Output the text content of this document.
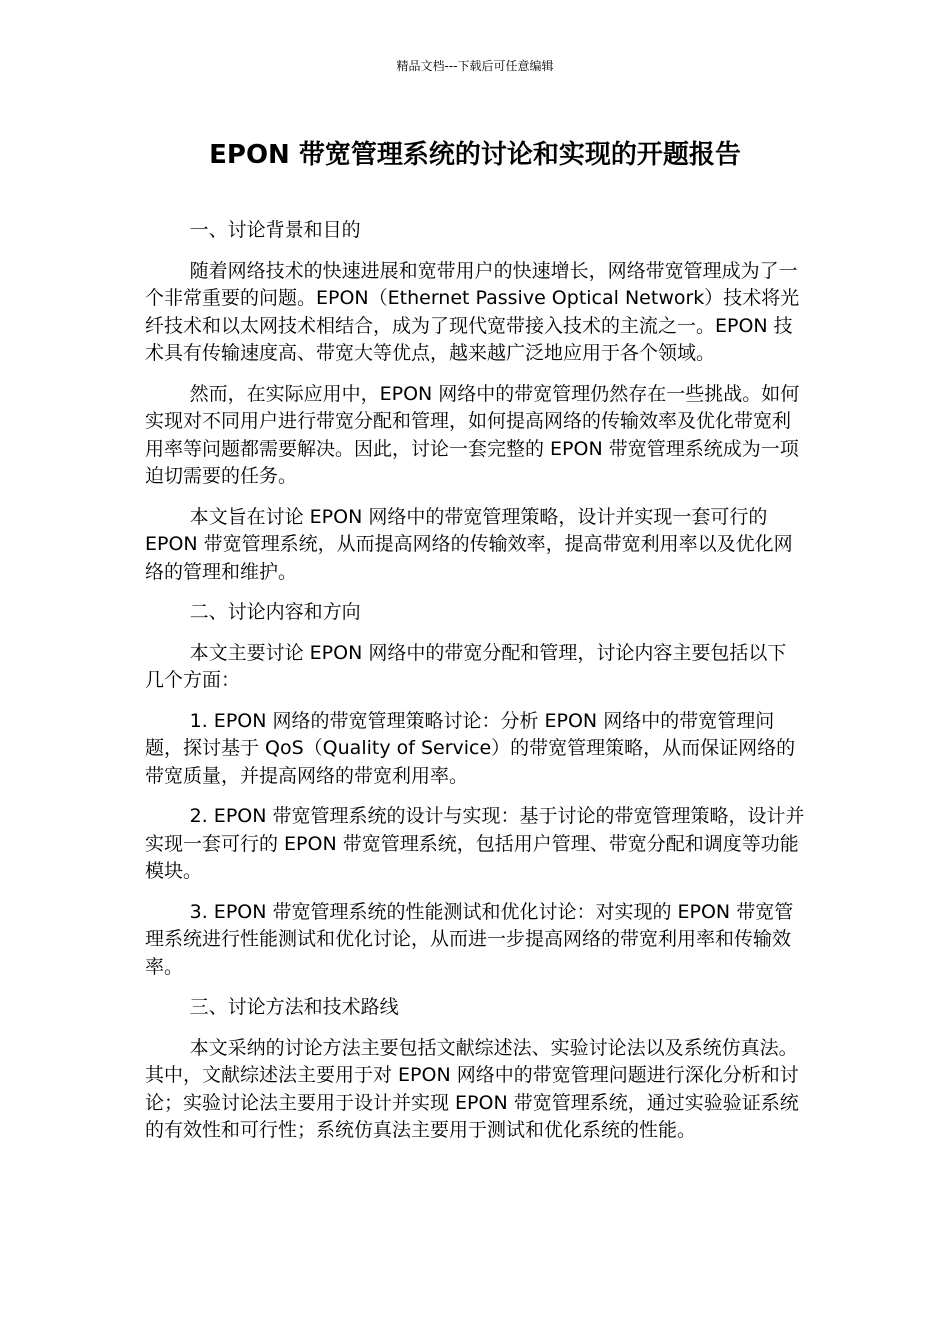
精品文档---下载后可任意编辑
EPON 带宽管理系统的讨论和实现的开题报告

一、讨论背景和目的

随着网络技术的快速进展和宽带用户的快速增长，网络带宽管理成为了一个非常重要的问题。EPON（Ethernet Passive Optical Network）技术将光纤技术和以太网技术相结合，成为了现代宽带接入技术的主流之一。EPON 技术具有传输速度高、带宽大等优点，越来越广泛地应用于各个领域。

然而，在实际应用中，EPON 网络中的带宽管理仍然存在一些挑战。如何实现对不同用户进行带宽分配和管理，如何提高网络的传输效率及优化带宽利用率等问题都需要解决。因此，讨论一套完整的 EPON 带宽管理系统成为一项迫切需要的任务。

本文旨在讨论 EPON 网络中的带宽管理策略，设计并实现一套可行的 EPON 带宽管理系统，从而提高网络的传输效率，提高带宽利用率以及优化网络的管理和维护。

二、讨论内容和方向

本文主要讨论 EPON 网络中的带宽分配和管理，讨论内容主要包括以下几个方面：

1. EPON 网络的带宽管理策略讨论：分析 EPON 网络中的带宽管理问题，探讨基于 QoS（Quality of Service）的带宽管理策略，从而保证网络的带宽质量，并提高网络的带宽利用率。

2. EPON 带宽管理系统的设计与实现：基于讨论的带宽管理策略，设计并实现一套可行的 EPON 带宽管理系统，包括用户管理、带宽分配和调度等功能模块。

3. EPON 带宽管理系统的性能测试和优化讨论：对实现的 EPON 带宽管理系统进行性能测试和优化讨论，从而进一步提高网络的带宽利用率和传输效率。

三、讨论方法和技术路线

本文采纳的讨论方法主要包括文献综述法、实验讨论法以及系统仿真法。其中，文献综述法主要用于对 EPON 网络中的带宽管理问题进行深化分析和讨论；实验讨论法主要用于设计并实现 EPON 带宽管理系统，通过实验验证系统的有效性和可行性；系统仿真法主要用于测试和优化系统的性能。
